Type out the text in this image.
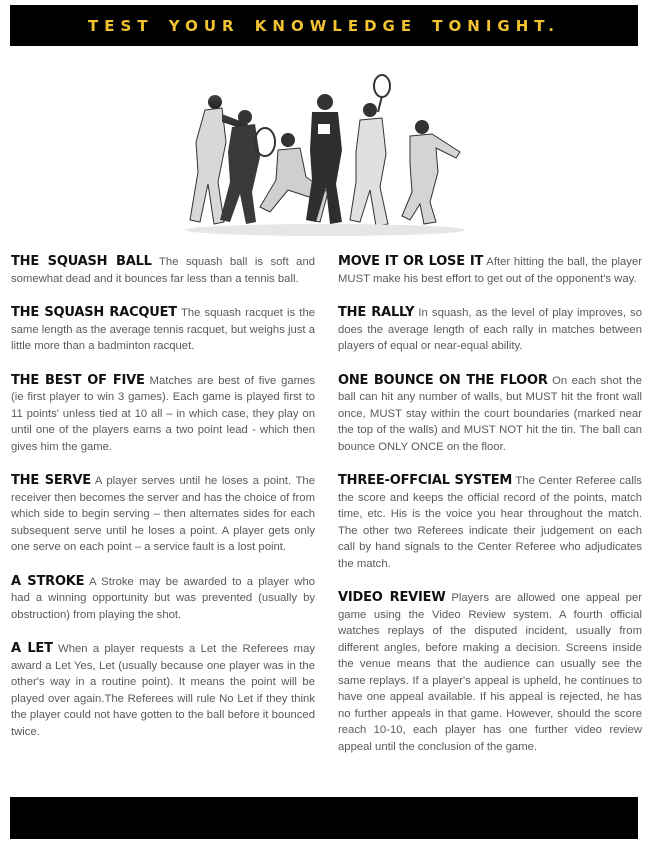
TEST YOUR KNOWLEDGE TONIGHT.

THE SQUASH BALL The squash ball is soft and somewhat dead and it bounces far less than a tennis ball.

THE SQUASH RACQUET The squash racquet is the same length as the average tennis racquet, but weighs just a little more than a badminton racquet.

THE BEST OF FIVE Matches are best of five games (ie first player to win 3 games). Each game is played first to 11 points' unless tied at 10 all – in which case, they play on until one of the players earns a two point lead - which then gives him the game.

THE SERVE A player serves until he loses a point. The receiver then becomes the server and has the choice of from which side to begin serving – then alternates sides for each subsequent serve until he loses a point. A player gets only one serve on each point – a service fault is a lost point.

A STROKE A Stroke may be awarded to a player who had a winning opportunity but was prevented (usually by obstruction) from playing the shot.

A LET When a player requests a Let the Referees may award a Let Yes, Let (usually because one player was in the other's way in a routine point). It means the point will be played over again.The Referees will rule No Let if they think the player could not have gotten to the ball before it bounced twice.

MOVE IT OR LOSE IT After hitting the ball, the player MUST make his best effort to get out of the opponent's way.

THE RALLY In squash, as the level of play improves, so does the average length of each rally in matches between players of equal or near-equal ability.

ONE BOUNCE ON THE FLOOR On each shot the ball can hit any number of walls, but MUST hit the front wall once, MUST stay within the court boundaries (marked near the top of the walls) and MUST NOT hit the tin. The ball can bounce ONLY ONCE on the floor.

THREE-OFFCIAL SYSTEM The Center Referee calls the score and keeps the official record of the points, match time, etc. His is the voice you hear throughout the match. The other two Referees indicate their judgement on each call by hand signals to the Center Referee who adjudicates the match.

VIDEO REVIEW Players are allowed one appeal per game using the Video Review system. A fourth official watches replays of the disputed incident, usually from different angles, before making a decision. Screens inside the venue means that the audience can usually see the same replays. If a player's appeal is upheld, he continues to have one appeal available. If his appeal is rejected, he has no further appeals in that game. However, should the score reach 10-10, each player has one further video review appeal until the conclusion of the game.
